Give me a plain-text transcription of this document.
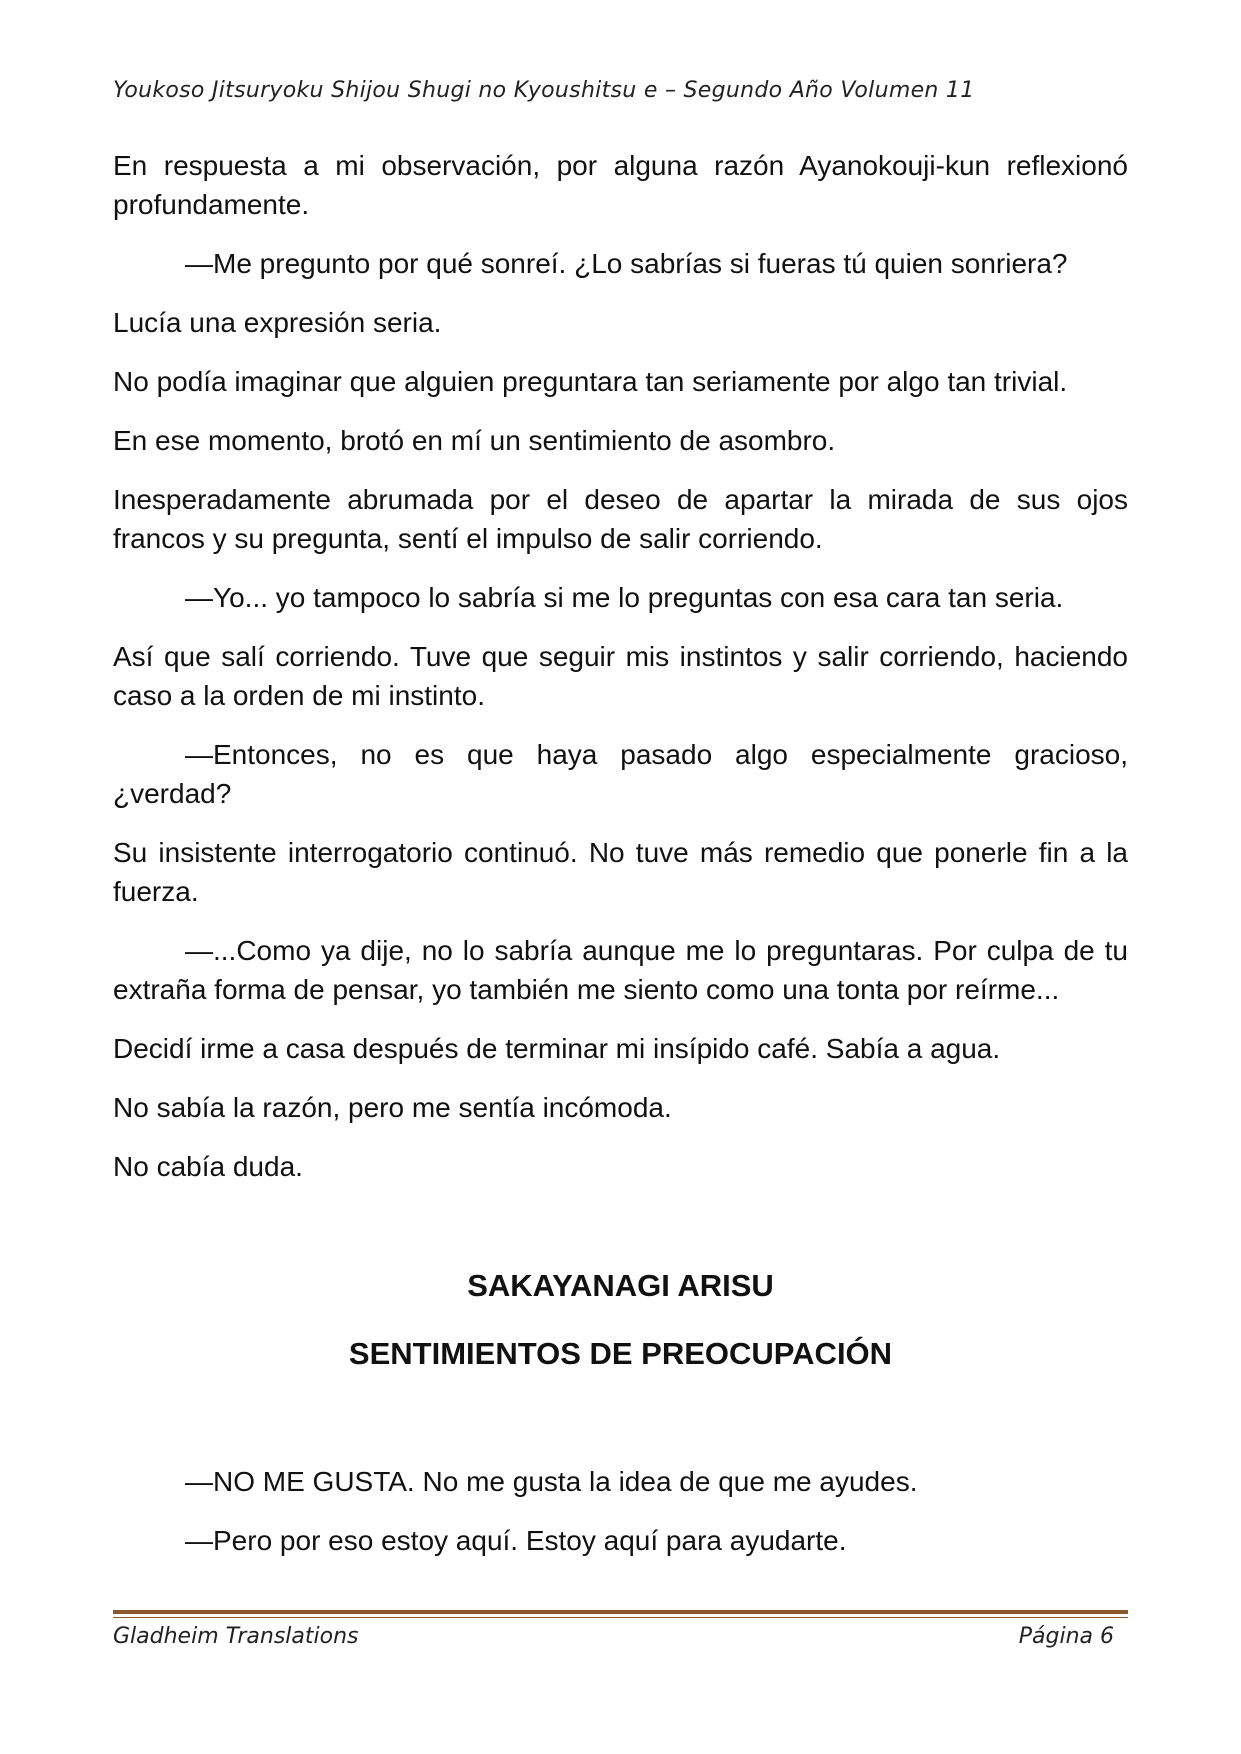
Youkoso Jitsuryoku Shijou Shugi no Kyoushitsu e – Segundo Año Volumen 11

En respuesta a mi observación, por alguna razón Ayanokouji-kun reflexionó profundamente.

—Me pregunto por qué sonreí. ¿Lo sabrías si fueras tú quien sonriera?

Lucía una expresión seria.

No podía imaginar que alguien preguntara tan seriamente por algo tan trivial.

En ese momento, brotó en mí un sentimiento de asombro.

Inesperadamente abrumada por el deseo de apartar la mirada de sus ojos francos y su pregunta, sentí el impulso de salir corriendo.

—Yo... yo tampoco lo sabría si me lo preguntas con esa cara tan seria.

Así que salí corriendo. Tuve que seguir mis instintos y salir corriendo, haciendo caso a la orden de mi instinto.

—Entonces, no es que haya pasado algo especialmente gracioso, ¿verdad?

Su insistente interrogatorio continuó. No tuve más remedio que ponerle fin a la fuerza.

—...Como ya dije, no lo sabría aunque me lo preguntaras. Por culpa de tu extraña forma de pensar, yo también me siento como una tonta por reírme...

Decidí irme a casa después de terminar mi insípido café. Sabía a agua.

No sabía la razón, pero me sentía incómoda.

No cabía duda.

SAKAYANAGI ARISU
SENTIMIENTOS DE PREOCUPACIÓN

—NO ME GUSTA. No me gusta la idea de que me ayudes.

—Pero por eso estoy aquí. Estoy aquí para ayudarte.

Gladheim Translations	Página 6
